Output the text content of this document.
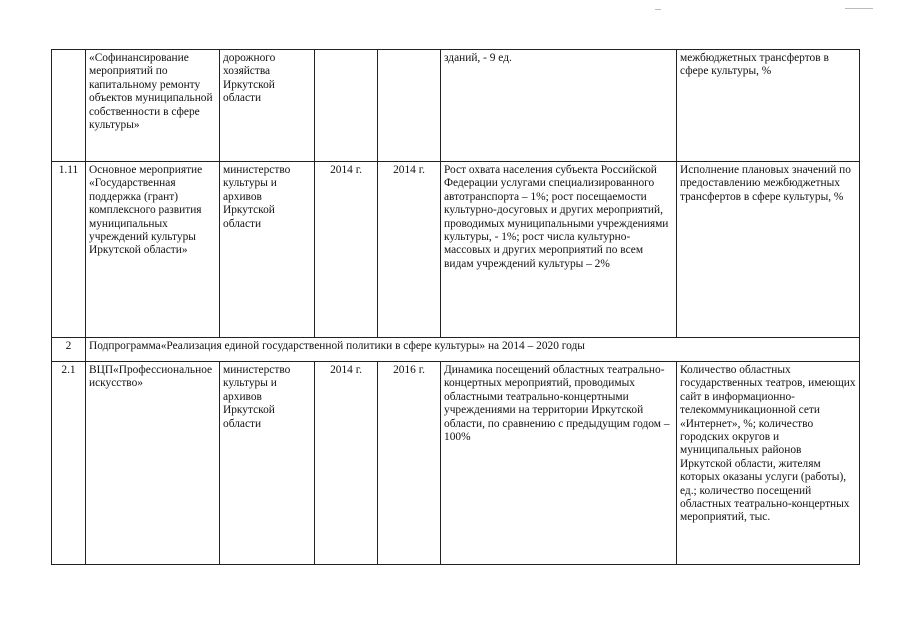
	«Софинансирование мероприятий по капитальному ремонту объектов муниципальной собственности в сфере культуры»	дорожного хозяйства Иркутской области			зданий, - 9 ед.	межбюджетных трансфертов в сфере культуры, %
1.11	Основное мероприятие «Государственная поддержка (грант) комплексного развития муниципальных учреждений культуры Иркутской области»	министерство культуры и архивов Иркутской области	2014 г.	2014 г.	Рост охвата населения субъекта Российской Федерации услугами специализированного автотранспорта – 1%; рост посещаемости культурно-досуговых и других мероприятий, проводимых муниципальными учреждениями культуры, - 1%; рост числа культурно-массовых и других мероприятий по всем видам учреждений культуры – 2%	Исполнение плановых значений по предоставлению межбюджетных трансфертов в сфере культуры, %
2	Подпрограмма«Реализация единой государственной политики в сфере культуры» на 2014 – 2020 годы					
2.1	ВЦП«Профессиональное искусство»	министерство культуры и архивов Иркутской области	2014 г.	2016 г.	Динамика посещений областных театрально-концертных мероприятий, проводимых областными театрально-концертными учреждениями на территории Иркутской области, по сравнению с предыдущим годом – 100%	Количество областных государственных театров, имеющих сайт в информационно-телекоммуникационной сети «Интернет», %; количество городских округов и муниципальных районов Иркутской области, жителям которых оказаны услуги (работы), ед.; количество посещений областных театрально-концертных мероприятий, тыс.
